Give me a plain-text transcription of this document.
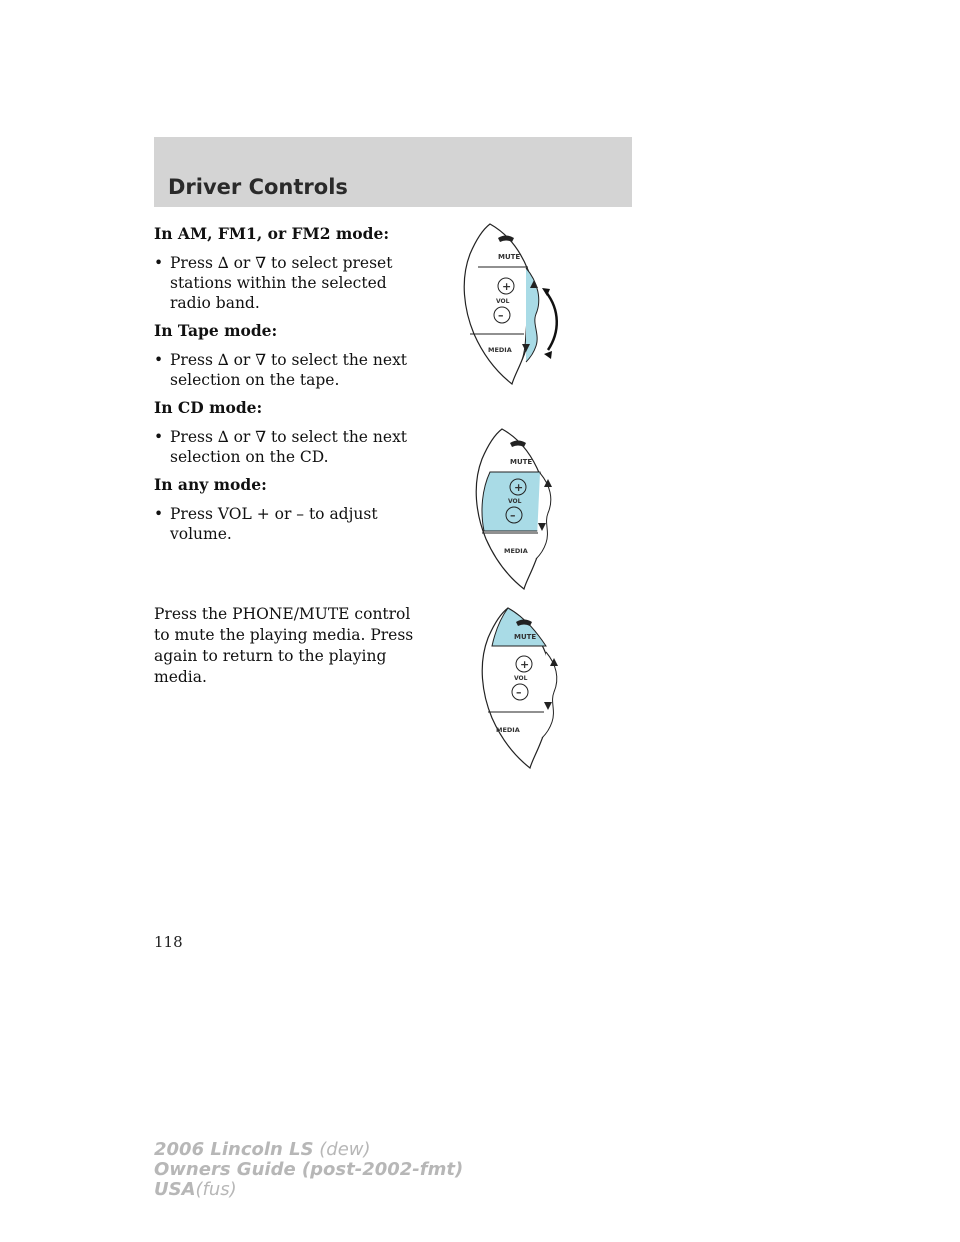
Driver Controls

In AM, FM1, or FM2 mode:

• Press ∆ or ∇ to select preset stations within the selected radio band.

In Tape mode:

• Press ∆ or ∇ to select the next selection on the tape.

In CD mode:

• Press ∆ or ∇ to select the next selection on the CD.

In any mode:

• Press VOL + or – to adjust volume.

Press the PHONE/MUTE control to mute the playing media. Press again to return to the playing media.

MUTE
+
VOL
–
MEDIA
MUTE
+
VOL
–
MEDIA
MUTE
+
VOL
–
MEDIA

118

2006 Lincoln LS (dew)
Owners Guide (post-2002-fmt)
USA(fus)
